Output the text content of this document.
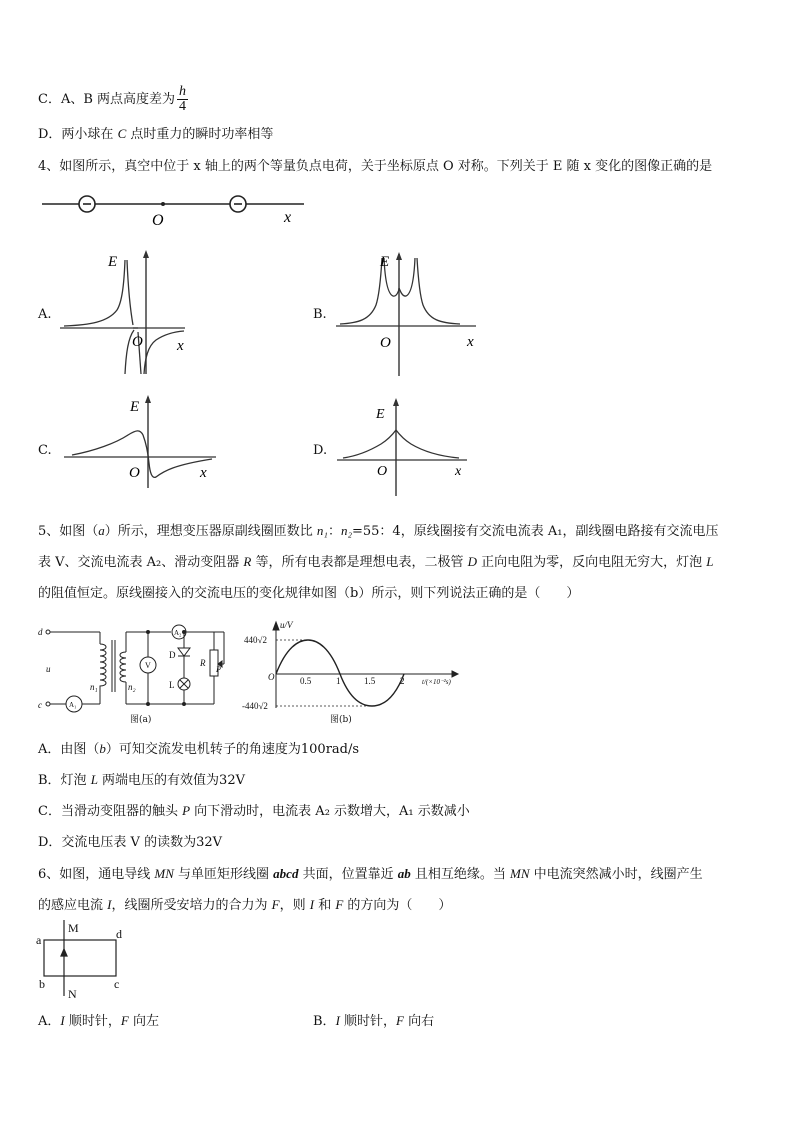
C．A、B 两点高度差为 $\frac{h}{4}$
D．两小球在 C 点时重力的瞬时功率相等
4、如图所示，真空中位于 x 轴上的两个等量负点电荷，关于坐标原点 O 对称。下列关于 E 随 x 变化的图像正确的是
O	x
A.	B.
C.	D.
E
O x
E
O	x
E
O	x
E
O	x
5、如图（a）所示，理想变压器原副线圈匝数比 n₁：n₂=55：4，原线圈接有交流电流表 A₁，副线圈电路接有交流电压
表 V、交流电流表 A₂、滑动变阻器 R 等，所有电表都是理想电表，二极管 D 正向电阻为零，反向电阻无穷大，灯泡 L
的阻值恒定。原线圈接入的交流电压的变化规律如图（b）所示，则下列说法正确的是（　　）
d
c
u
n₁	n₂
A₁
A₂
V
D
L
R
P
图(a)
u/V
440√2
-440√2
O	0.5	1	1.5	2	t/(×10⁻²s)
图(b)
A．由图（b）可知交流发电机转子的角速度为100rad/s
B．灯泡 L 两端电压的有效值为32V
C．当滑动变阻器的触头 P 向下滑动时，电流表 A₂ 示数增大，A₁ 示数减小
D．交流电压表 V 的读数为32V
6、如图，通电导线 MN 与单匝矩形线圈 abcd 共面，位置靠近 ab 且相互绝缘。当 MN 中电流突然减小时，线圈产生
的感应电流 I，线圈所受安培力的合力为 F，则 I 和 F 的方向为（　　）
a
b	c
d
M
N
A．I 顺时针，F 向左	B．I 顺时针，F 向右
